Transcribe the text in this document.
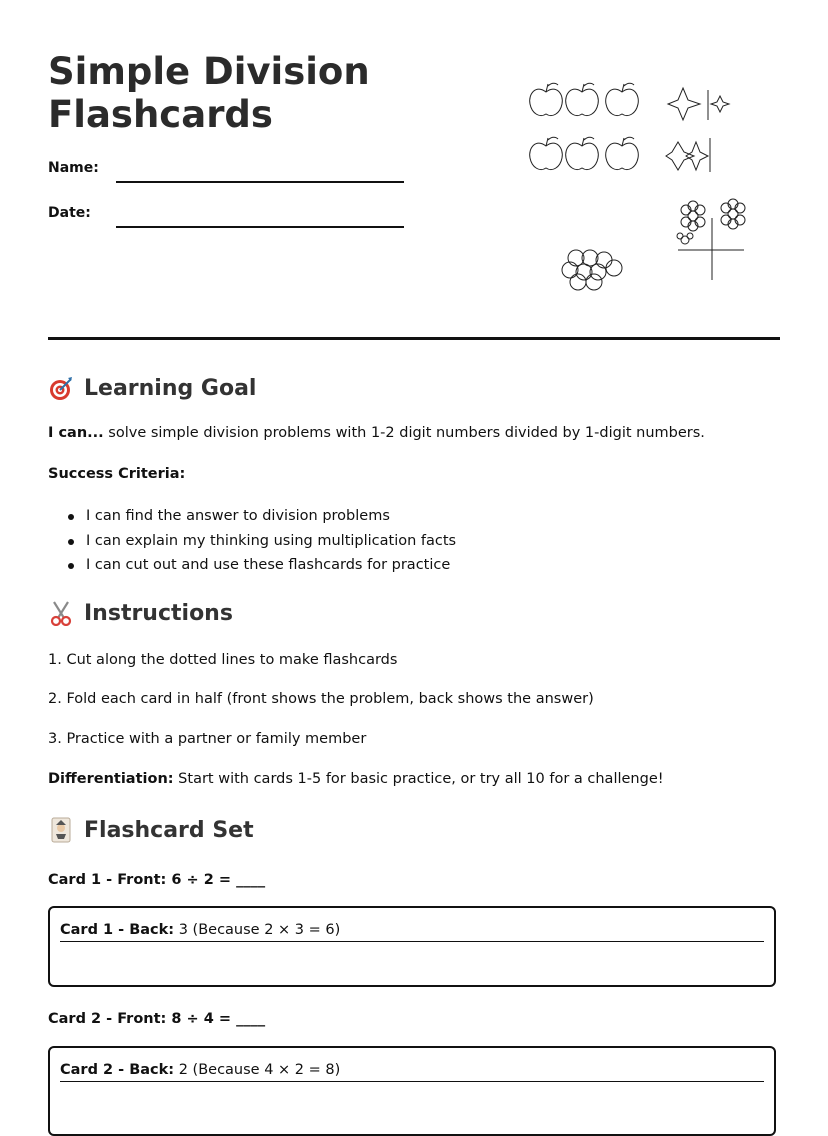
Simple Division
Flashcards
Name:
Date:
Learning Goal

I can... solve simple division problems with 1-2 digit numbers divided by 1-digit numbers.

Success Criteria:

I can find the answer to division problems
I can explain my thinking using multiplication facts
I can cut out and use these flashcards for practice
Instructions

1. Cut along the dotted lines to make flashcards

2. Fold each card in half (front shows the problem, back shows the answer)

3. Practice with a partner or family member

Differentiation: Start with cards 1-5 for basic practice, or try all 10 for a challenge!

Flashcard Set

Card 1 - Front: 6 ÷ 2 = ____

Card 1 - Back: 3 (Because 2 × 3 = 6)

Card 2 - Front: 8 ÷ 4 = ____

Card 2 - Back: 2 (Because 4 × 2 = 8)
